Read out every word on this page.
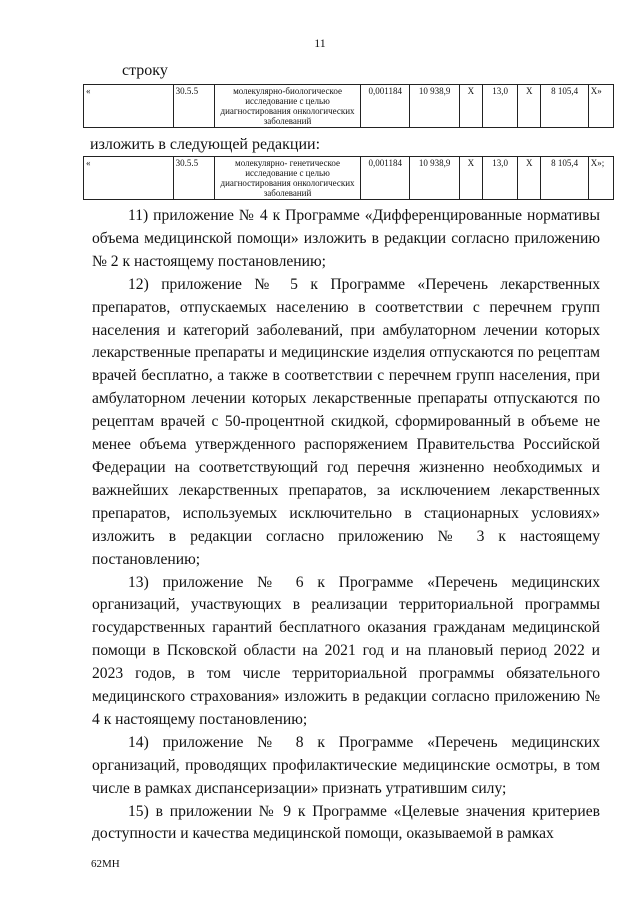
11
строку
«	30.5.5	молекулярно-биологическое исследование с целью диагностирования онкологических заболеваний	0,001184	10 938,9	Х	13,0	Х	8 105,4	Х»
изложить в следующей редакции:
«	30.5.5	молекулярно- генетическое исследование с целью диагностирования онкологических заболеваний	0,001184	10 938,9	Х	13,0	Х	8 105,4	Х»;

11) приложение № 4 к Программе «Дифференцированные нормативы объема медицинской помощи» изложить в редакции согласно приложению № 2 к настоящему постановлению;

12) приложение № 5 к Программе «Перечень лекарственных препаратов, отпускаемых населению в соответствии с перечнем групп населения и категорий заболеваний, при амбулаторном лечении которых лекарственные препараты и медицинские изделия отпускаются по рецептам врачей бесплатно, а также в соответствии с перечнем групп населения, при амбулаторном лечении которых лекарственные препараты отпускаются по рецептам врачей с 50-процентной скидкой, сформированный в объеме не менее объема утвержденного распоряжением Правительства Российской Федерации на соответствующий год перечня жизненно необходимых и важнейших лекарственных препаратов, за исключением лекарственных препаратов, используемых исключительно в стационарных условиях» изложить в редакции согласно приложению № 3 к настоящему постановлению;

13) приложение № 6 к Программе «Перечень медицинских организаций, участвующих в реализации территориальной программы государственных гарантий бесплатного оказания гражданам медицинской помощи в Псковской области на 2021 год и на плановый период 2022 и 2023 годов, в том числе территориальной программы обязательного медицинского страхования» изложить в редакции согласно приложению № 4 к настоящему постановлению;

14) приложение № 8 к Программе «Перечень медицинских организаций, проводящих профилактические медицинские осмотры, в том числе в рамках диспансеризации» признать утратившим силу;

15) в приложении № 9 к Программе «Целевые значения критериев доступности и качества медицинской помощи, оказываемой в рамках

62МН
